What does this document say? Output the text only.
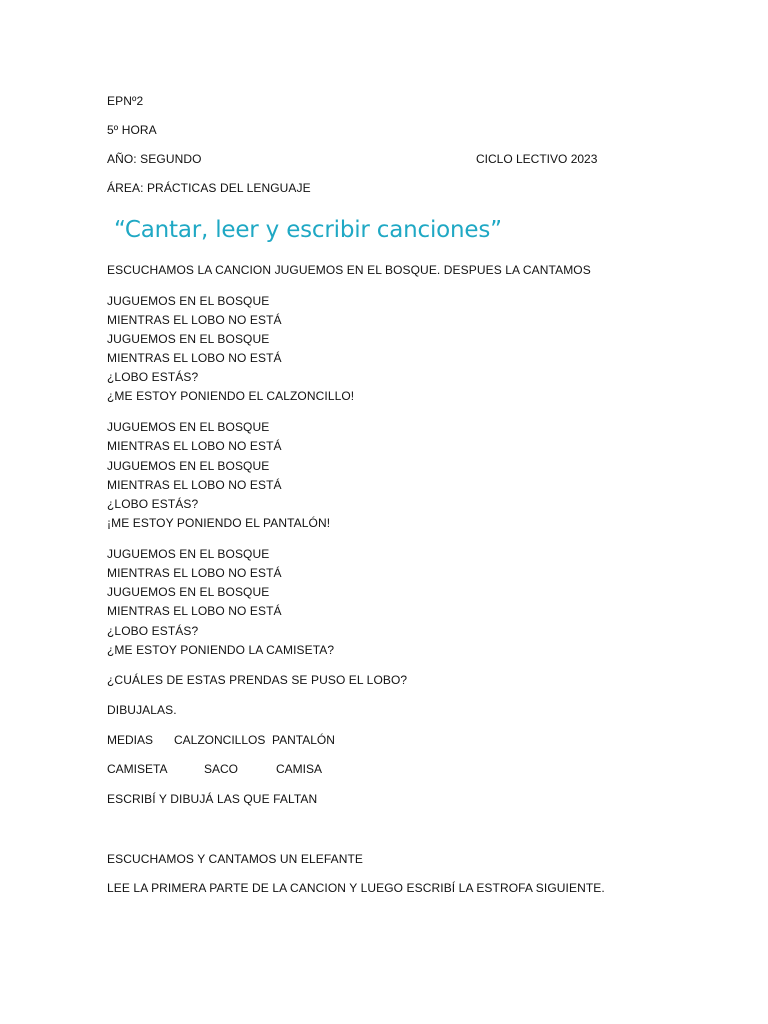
EPNº2
5º HORA
AÑO: SEGUNDO	CICLO LECTIVO 2023
ÁREA: PRÁCTICAS DEL LENGUAJE
“Cantar, leer y escribir canciones”
ESCUCHAMOS LA CANCION JUGUEMOS EN EL BOSQUE. DESPUES LA CANTAMOS
JUGUEMOS EN EL BOSQUE
MIENTRAS EL LOBO NO ESTÁ
JUGUEMOS EN EL BOSQUE
MIENTRAS EL LOBO NO ESTÁ
¿LOBO ESTÁS?
¿ME ESTOY PONIENDO EL CALZONCILLO!
JUGUEMOS EN EL BOSQUE
MIENTRAS EL LOBO NO ESTÁ
JUGUEMOS EN EL BOSQUE
MIENTRAS EL LOBO NO ESTÁ
¿LOBO ESTÁS?
¡ME ESTOY PONIENDO EL PANTALÓN!
JUGUEMOS EN EL BOSQUE
MIENTRAS EL LOBO NO ESTÁ
JUGUEMOS EN EL BOSQUE
MIENTRAS EL LOBO NO ESTÁ
¿LOBO ESTÁS?
¿ME ESTOY PONIENDO LA CAMISETA?
¿CUÁLES DE ESTAS PRENDAS SE PUSO EL LOBO?
DIBUJALAS.
MEDIAS CALZONCILLOS PANTALÓN
CAMISETA	SACO	CAMISA
ESCRIBÍ Y DIBUJÁ LAS QUE FALTAN
ESCUCHAMOS Y CANTAMOS UN ELEFANTE
LEE LA PRIMERA PARTE DE LA CANCION Y LUEGO ESCRIBÍ LA ESTROFA SIGUIENTE.
